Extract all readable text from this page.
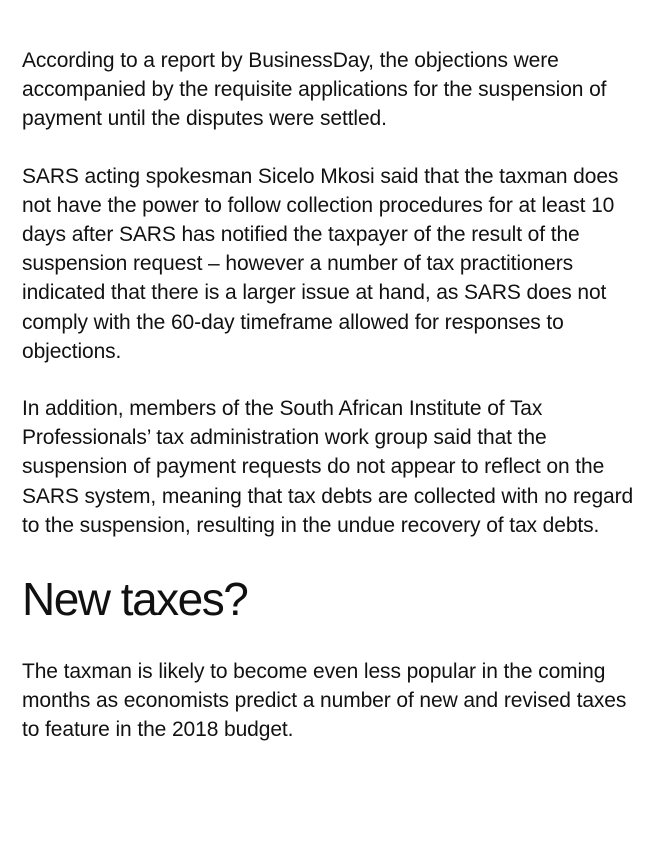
According to a report by BusinessDay, the objections were accompanied by the requisite applications for the suspension of payment until the disputes were settled.

SARS acting spokesman Sicelo Mkosi said that the taxman does not have the power to follow collection procedures for at least 10 days after SARS has notified the taxpayer of the result of the suspension request – however a number of tax practitioners indicated that there is a larger issue at hand, as SARS does not comply with the 60-day timeframe allowed for responses to objections.

In addition, members of the South African Institute of Tax Professionals’ tax administration work group said that the suspension of payment requests do not appear to reflect on the SARS system, meaning that tax debts are collected with no regard to the suspension, resulting in the undue recovery of tax debts.

New taxes?

The taxman is likely to become even less popular in the coming months as economists predict a number of new and revised taxes to feature in the 2018 budget.
